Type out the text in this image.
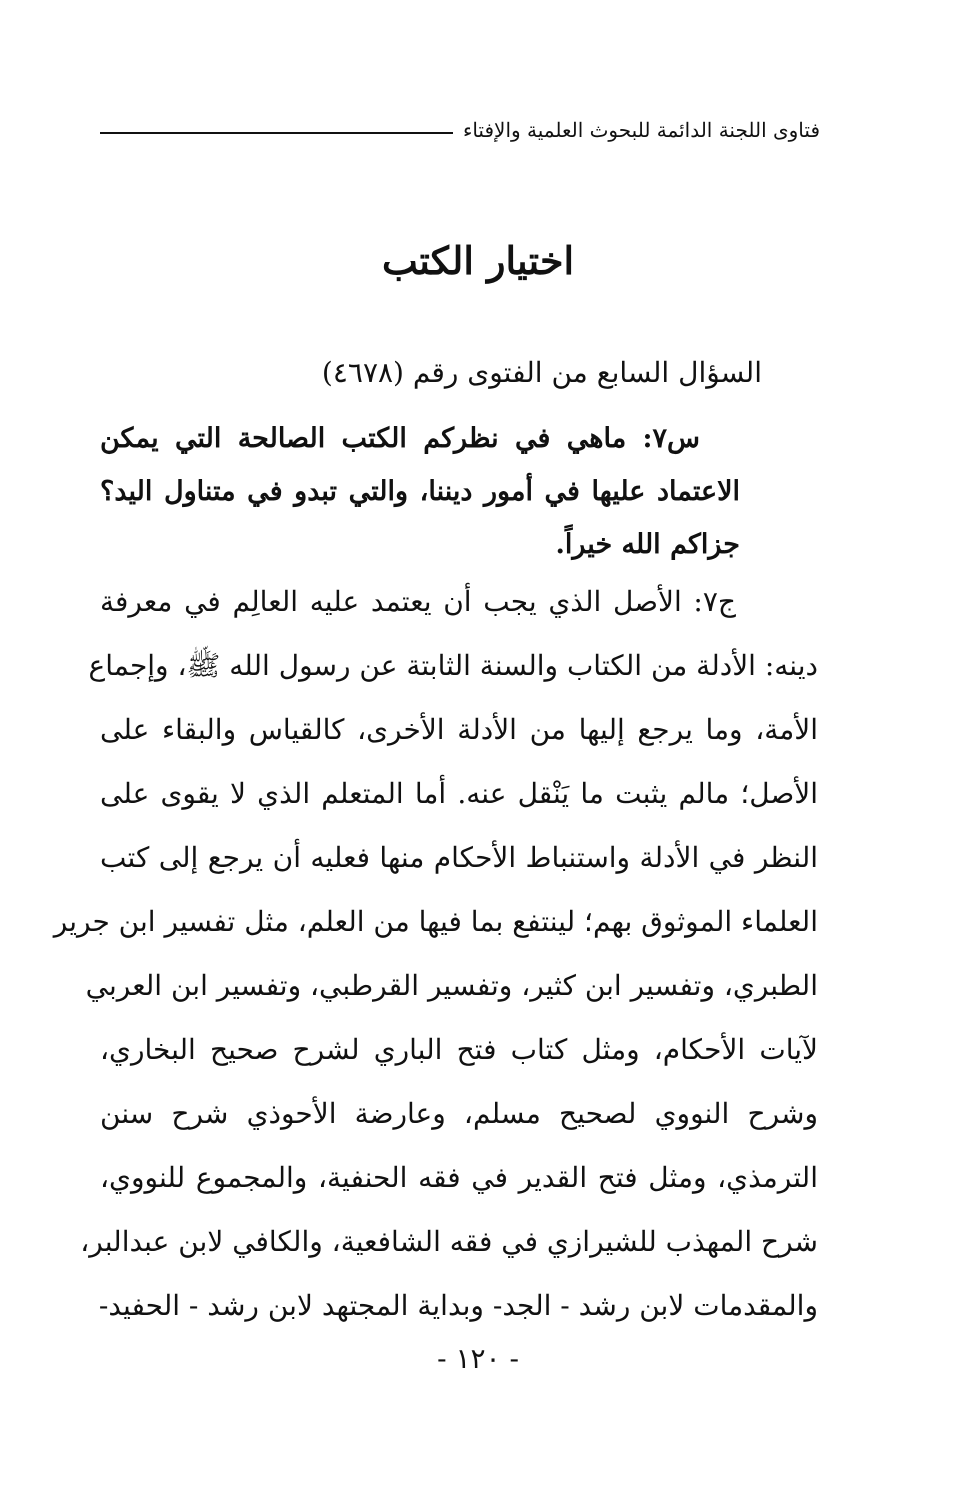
فتاوى اللجنة الدائمة للبحوث العلمية والإفتاء
اختيار الكتب
السؤال السابع من الفتوى رقم (٤٦٧٨)
س٧: ماهي في نظركم الكتب الصالحة التي يمكن
الاعتماد عليها في أمور ديننا، والتي تبدو في متناول اليد؟
جزاكم الله خيراً.
ج٧: الأصل الذي يجب أن يعتمد عليه العالِم في معرفة
دينه: الأدلة من الكتاب والسنة الثابتة عن رسول الله ﷺ، وإجماع
الأمة، وما يرجع إليها من الأدلة الأخرى، كالقياس والبقاء على
الأصل؛ مالم يثبت ما يَنْقل عنه. أما المتعلم الذي لا يقوى على
النظر في الأدلة واستنباط الأحكام منها فعليه أن يرجع إلى كتب
العلماء الموثوق بهم؛ لينتفع بما فيها من العلم، مثل تفسير ابن جرير
الطبري، وتفسير ابن كثير، وتفسير القرطبي، وتفسير ابن العربي
لآيات الأحكام، ومثل كتاب فتح الباري لشرح صحيح البخاري،
وشرح النووي لصحيح مسلم، وعارضة الأحوذي شرح سنن
الترمذي، ومثل فتح القدير في فقه الحنفية، والمجموع للنووي،
شرح المهذب للشيرازي في فقه الشافعية، والكافي لابن عبدالبر،
والمقدمات لابن رشد - الجد- وبداية المجتهد لابن رشد - الحفيد-
- ١٢٠ -
